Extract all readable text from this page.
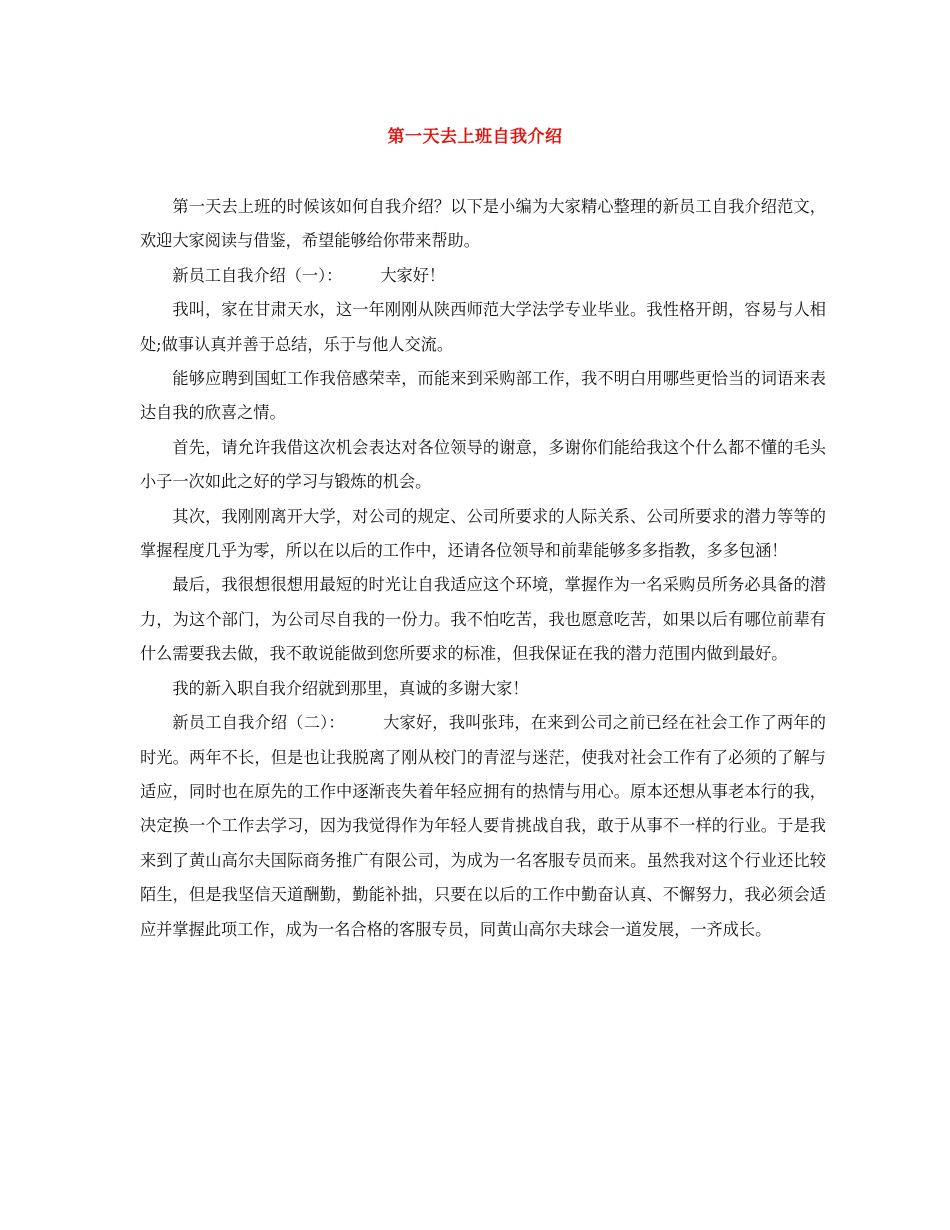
第一天去上班自我介绍

第一天去上班的时候该如何自我介绍？以下是小编为大家精心整理的新员工自我介绍范文，欢迎大家阅读与借鉴，希望能够给你带来帮助。

新员工自我介绍（一）： 大家好！

我叫，家在甘肃天水，这一年刚刚从陕西师范大学法学专业毕业。我性格开朗，容易与人相处;做事认真并善于总结，乐于与他人交流。

能够应聘到国虹工作我倍感荣幸，而能来到采购部工作，我不明白用哪些更恰当的词语来表达自我的欣喜之情。

首先，请允许我借这次机会表达对各位领导的谢意，多谢你们能给我这个什么都不懂的毛头小子一次如此之好的学习与锻炼的机会。

其次，我刚刚离开大学，对公司的规定、公司所要求的人际关系、公司所要求的潜力等等的掌握程度几乎为零，所以在以后的工作中，还请各位领导和前辈能够多多指教，多多包涵！

最后，我很想很想用最短的时光让自我适应这个环境，掌握作为一名采购员所务必具备的潜力，为这个部门，为公司尽自我的一份力。我不怕吃苦，我也愿意吃苦，如果以后有哪位前辈有什么需要我去做，我不敢说能做到您所要求的标准，但我保证在我的潜力范围内做到最好。

我的新入职自我介绍就到那里，真诚的多谢大家！

新员工自我介绍（二）： 大家好，我叫张玮，在来到公司之前已经在社会工作了两年的时光。两年不长，但是也让我脱离了刚从校门的青涩与迷茫，使我对社会工作有了必须的了解与适应，同时也在原先的工作中逐渐丧失着年轻应拥有的热情与用心。原本还想从事老本行的我，决定换一个工作去学习，因为我觉得作为年轻人要肯挑战自我，敢于从事不一样的行业。于是我来到了黄山高尔夫国际商务推广有限公司，为成为一名客服专员而来。虽然我对这个行业还比较陌生，但是我坚信天道酬勤，勤能补拙，只要在以后的工作中勤奋认真、不懈努力，我必须会适应并掌握此项工作，成为一名合格的客服专员，同黄山高尔夫球会一道发展，一齐成长。
